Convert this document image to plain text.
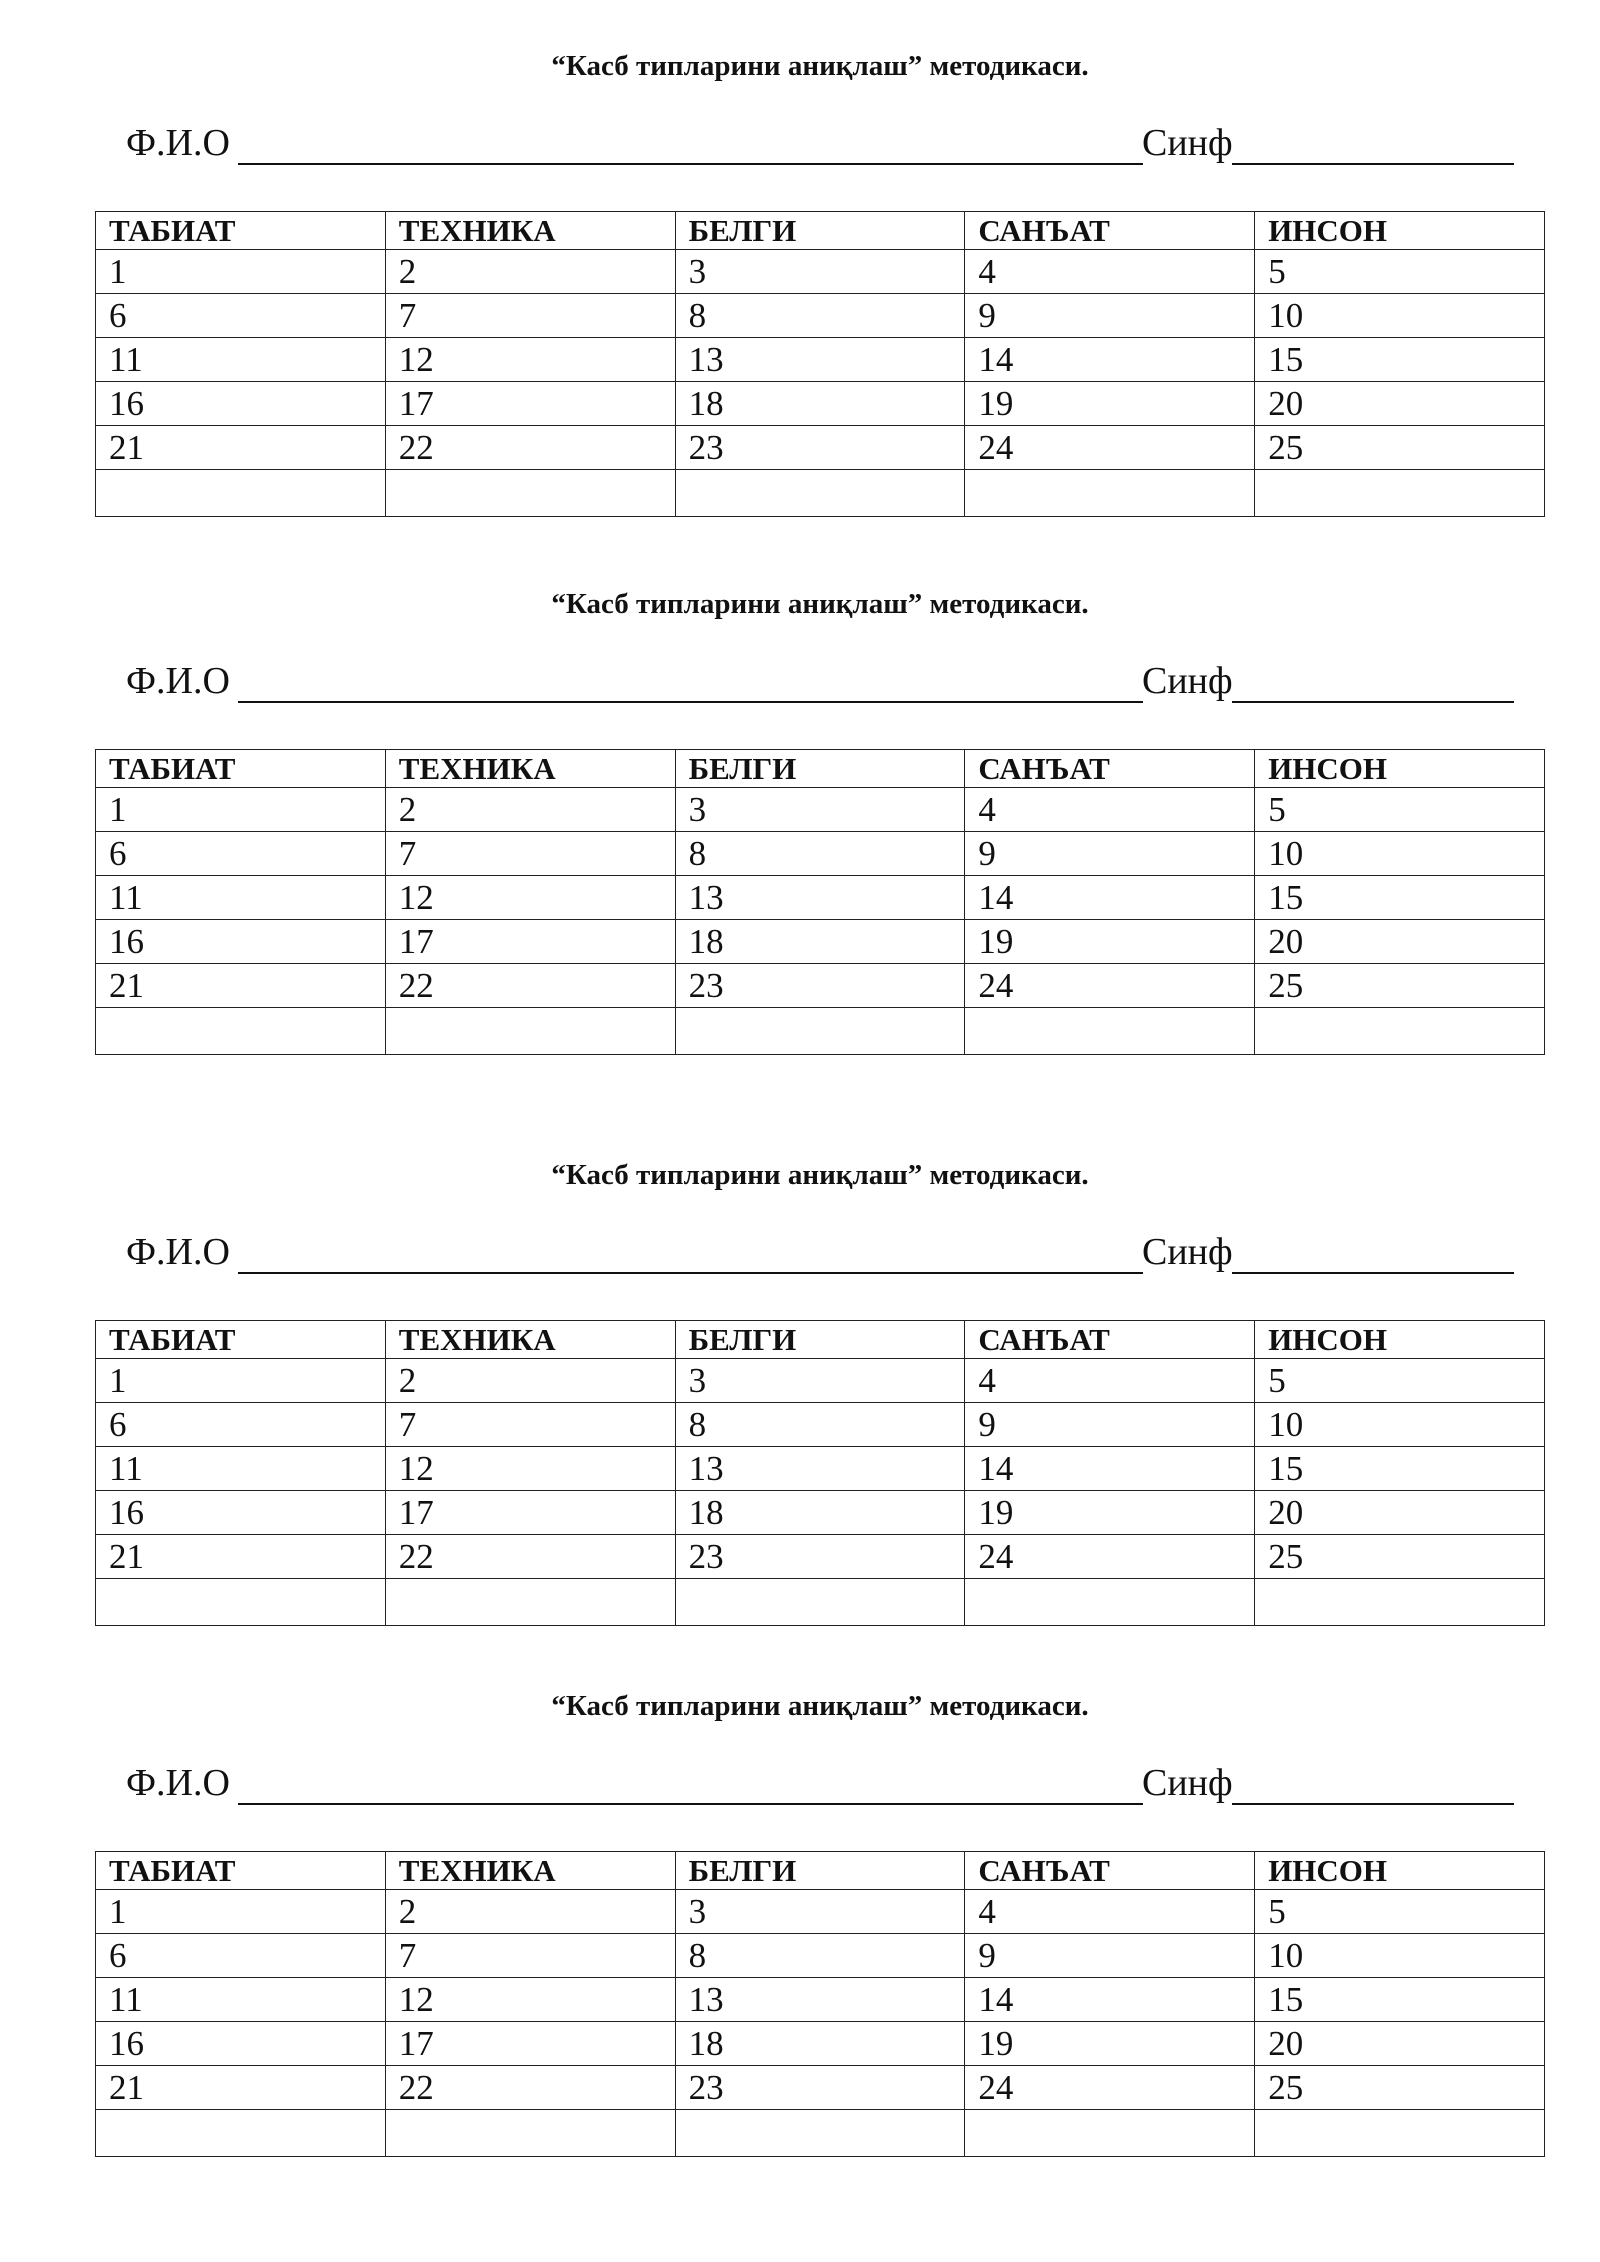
“Касб типларини аниқлаш” методикаси.
Ф.И.О	Синф
ТАБИАТ	ТЕХНИКА	БЕЛГИ	САНЪАТ	ИНСОН
1	2	3	4	5
6	7	8	9	10
11	12	13	14	15
16	17	18	19	20
21	22	23	24	25

“Касб типларини аниқлаш” методикаси.
Ф.И.О	Синф
ТАБИАТ	ТЕХНИКА	БЕЛГИ	САНЪАТ	ИНСОН
1	2	3	4	5
6	7	8	9	10
11	12	13	14	15
16	17	18	19	20
21	22	23	24	25

“Касб типларини аниқлаш” методикаси.
Ф.И.О	Синф
ТАБИАТ	ТЕХНИКА	БЕЛГИ	САНЪАТ	ИНСОН
1	2	3	4	5
6	7	8	9	10
11	12	13	14	15
16	17	18	19	20
21	22	23	24	25

“Касб типларини аниқлаш” методикаси.
Ф.И.О	Синф
ТАБИАТ	ТЕХНИКА	БЕЛГИ	САНЪАТ	ИНСОН
1	2	3	4	5
6	7	8	9	10
11	12	13	14	15
16	17	18	19	20
21	22	23	24	25
